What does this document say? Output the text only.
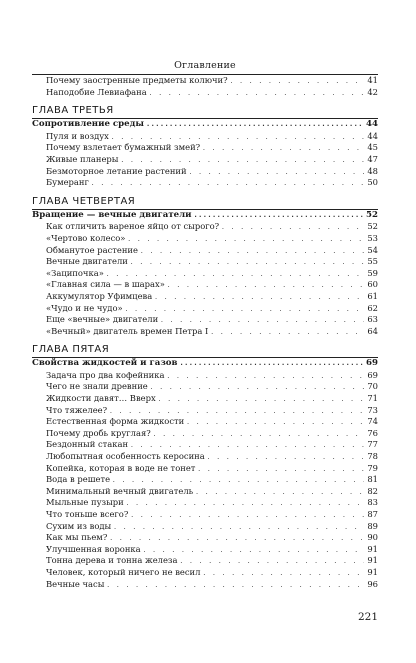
Оглавление
Почему заостренные предметы колючи? . . .	41
Наподобие Левиафана . . .	42
ГЛАВА ТРЕТЬЯ
Сопротивление среды .....	44
Пуля и воздух . . .	44
Почему взлетает бумажный змей? . . .	45
Живые планеры . . .	47
Безмоторное летание растений . . .	48
Бумеранг . . .	50
ГЛАВА ЧЕТВЕРТАЯ
Вращение — вечные двигатели .....	52
Как отличить вареное яйцо от сырого? . . .	52
«Чертово колесо» . . .	53
Обманутое растение . . .	54
Вечные двигатели . . .	55
«Заципочка» . . .	59
«Главная сила — в шарах» . . .	60
Аккумулятор Уфимцева . . .	61
«Чудо и не чудо» . . .	62
Еще «вечные» двигатели . . .	63
«Вечный» двигатель времен Петра I . . .	64
ГЛАВА ПЯТАЯ
Свойства жидкостей и газов .....	69
Задача про два кофейника . . .	69
Чего не знали древние . . .	70
Жидкости давят… Вверх . . .	71
Что тяжелее? . . .	73
Естественная форма жидкости . . .	74
Почему дробь круглая? . . .	76
Бездонный стакан . . .	77
Любопытная особенность керосина . . .	78
Копейка, которая в воде не тонет . . .	79
Вода в решете . . .	81
Минимальный вечный двигатель . . .	82
Мыльные пузыри . . .	83
Что тоньше всего? . . .	87
Сухим из воды . . .	89
Как мы пьем? . . .	90
Улучшенная воронка . . .	91
Тонна дерева и тонна железа . . .	91
Человек, который ничего не весил . . .	91
Вечные часы . . .	96
221
